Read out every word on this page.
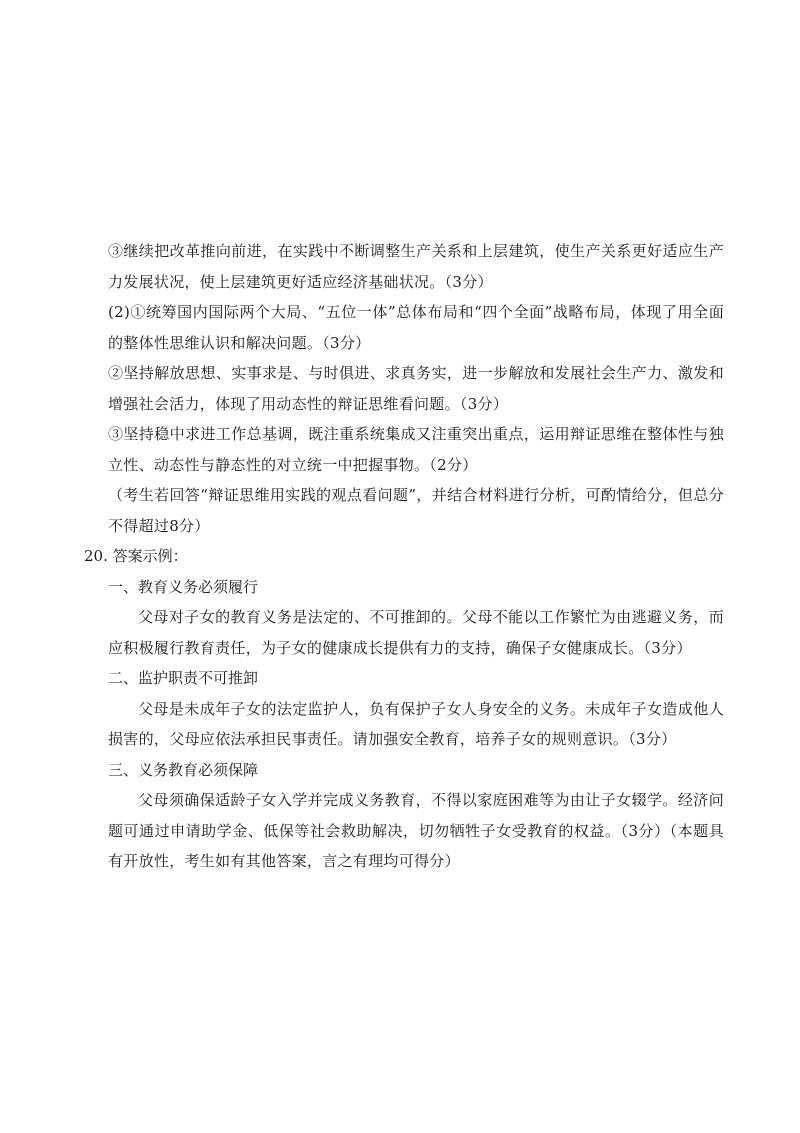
③继续把改革推向前进，在实践中不断调整生产关系和上层建筑，使生产关系更好适应生产力发展状况，使上层建筑更好适应经济基础状况。（3分）

(2)①统筹国内国际两个大局、“五位一体”总体布局和“四个全面”战略布局，体现了用全面的整体性思维认识和解决问题。（3分）

②坚持解放思想、实事求是、与时俱进、求真务实，进一步解放和发展社会生产力、激发和增强社会活力，体现了用动态性的辩证思维看问题。（3分）

③坚持稳中求进工作总基调，既注重系统集成又注重突出重点，运用辩证思维在整体性与独立性、动态性与静态性的对立统一中把握事物。（2分）

（考生若回答“辩证思维用实践的观点看问题”，并结合材料进行分析，可酌情给分，但总分不得超过8分）

20. 答案示例：

一、教育义务必须履行

父母对子女的教育义务是法定的、不可推卸的。父母不能以工作繁忙为由逃避义务，而应积极履行教育责任，为子女的健康成长提供有力的支持，确保子女健康成长。（3分）

二、监护职责不可推卸

父母是未成年子女的法定监护人，负有保护子女人身安全的义务。未成年子女造成他人损害的，父母应依法承担民事责任。请加强安全教育，培养子女的规则意识。（3分）

三、义务教育必须保障

父母须确保适龄子女入学并完成义务教育，不得以家庭困难等为由让子女辍学。经济问题可通过申请助学金、低保等社会救助解决，切勿牺牲子女受教育的权益。（3分）（本题具有开放性，考生如有其他答案，言之有理均可得分）
